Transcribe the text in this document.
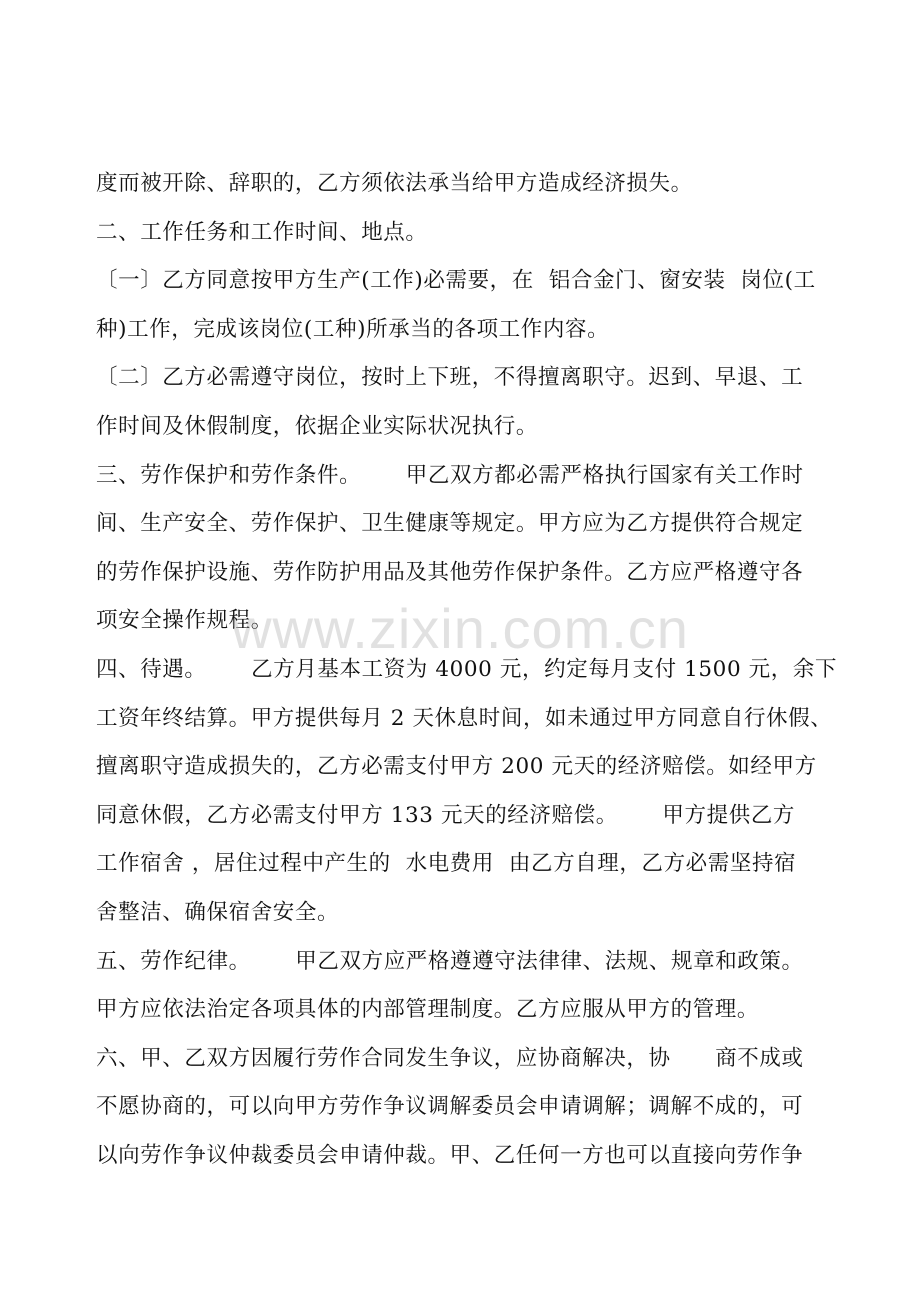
度而被开除、辞职的，乙方须依法承当给甲方造成经济损失。
二、工作任务和工作时间、地点。
〔一〕乙方同意按甲方生产(工作)必需要，在  铝合金门、窗安装  岗位(工
种)工作，完成该岗位(工种)所承当的各项工作内容。
〔二〕乙方必需遵守岗位，按时上下班，不得擅离职守。迟到、早退、工
作时间及休假制度，依据企业实际状况执行。
三、劳作保护和劳作条件。      甲乙双方都必需严格执行国家有关工作时
间、生产安全、劳作保护、卫生健康等规定。甲方应为乙方提供符合规定
的劳作保护设施、劳作防护用品及其他劳作保护条件。乙方应严格遵守各
项安全操作规程。
四、待遇。      乙方月基本工资为 4000 元，约定每月支付 1500 元，余下
工资年终结算。甲方提供每月 2 天休息时间，如未通过甲方同意自行休假、
擅离职守造成损失的，乙方必需支付甲方 200 元天的经济赔偿。如经甲方
同意休假，乙方必需支付甲方 133 元天的经济赔偿。      甲方提供乙方
工作宿舍 ，居住过程中产生的  水电费用  由乙方自理，乙方必需坚持宿
舍整洁、确保宿舍安全。
五、劳作纪律。      甲乙双方应严格遵遵守法律律、法规、规章和政策。
甲方应依法治定各项具体的内部管理制度。乙方应服从甲方的管理。
六、甲、乙双方因履行劳作合同发生争议，应协商解决，协      商不成或
不愿协商的，可以向甲方劳作争议调解委员会申请调解；调解不成的，可
以向劳作争议仲裁委员会申请仲裁。甲、乙任何一方也可以直接向劳作争
www.zixin.com.cn
